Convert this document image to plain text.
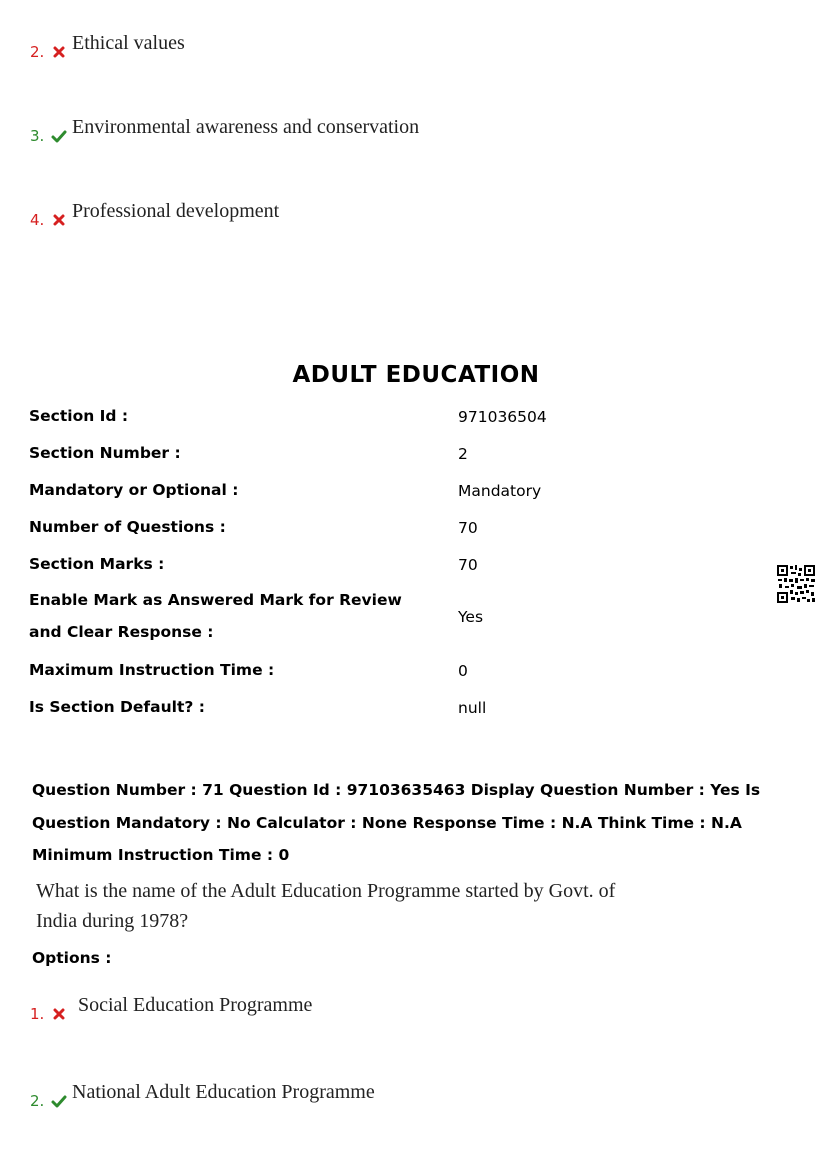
2. Ethical values
3. Environmental awareness and conservation
4. Professional development
ADULT EDUCATION
Section Id :	971036504
Section Number :	2
Mandatory or Optional :	Mandatory
Number of Questions :	70
Section Marks :	70
Enable Mark as Answered Mark for Review and Clear Response :
Yes
Maximum Instruction Time :	0
Is Section Default? :	null
Question Number : 71 Question Id : 97103635463 Display Question Number : Yes Is Question Mandatory : No Calculator : None Response Time : N.A Think Time : N.A Minimum Instruction Time : 0
What is the name of the Adult Education Programme started by Govt. of
India during 1978?
Options :
1. Social Education Programme
2. National Adult Education Programme
